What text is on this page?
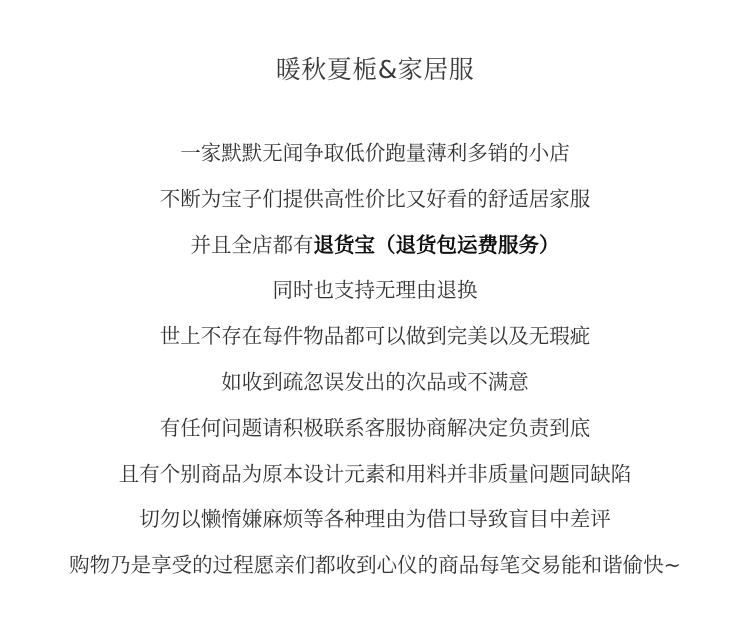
暖秋夏栀&家居服
一家默默无闻争取低价跑量薄利多销的小店
不断为宝子们提供高性价比又好看的舒适居家服
并且全店都有退货宝（退货包运费服务）
同时也支持无理由退换
世上不存在每件物品都可以做到完美以及无瑕疵
如收到疏忽误发出的次品或不满意
有任何问题请积极联系客服协商解决定负责到底
且有个别商品为原本设计元素和用料并非质量问题同缺陷
切勿以懒惰嫌麻烦等各种理由为借口导致盲目中差评
购物乃是享受的过程愿亲们都收到心仪的商品每笔交易能和谐偷快~
